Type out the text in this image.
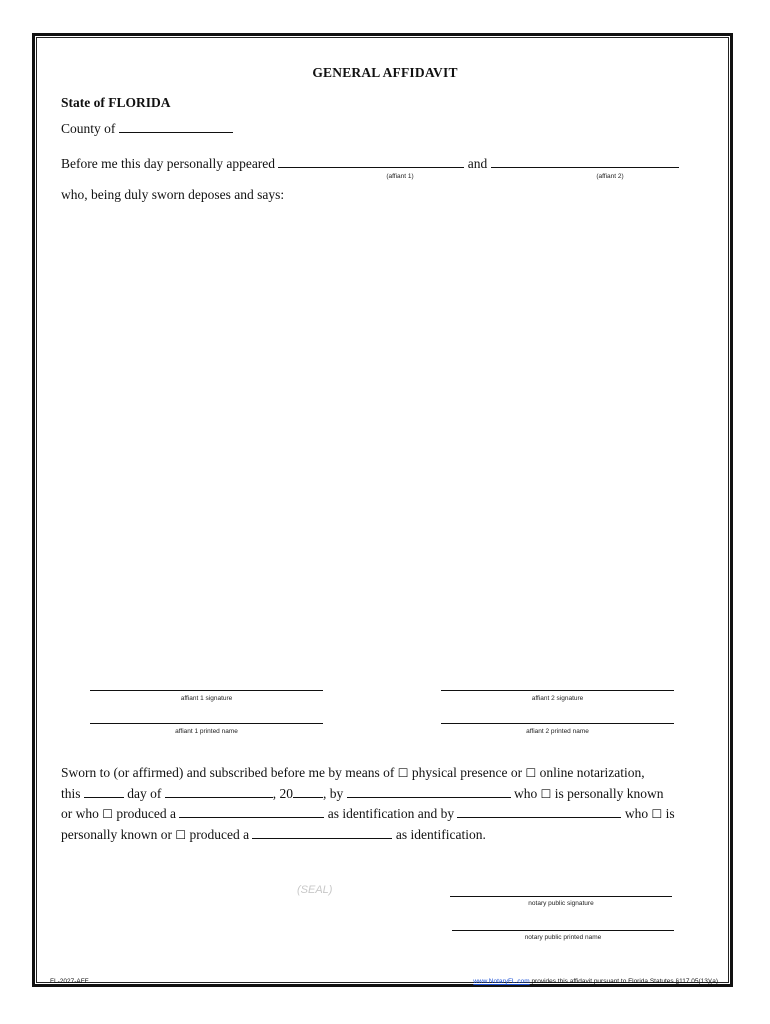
GENERAL AFFIDAVIT
State of FLORIDA
County of
Before me this day personally appeared	and
(affiant 1)	(affiant 2)
who, being duly sworn deposes and says:
affiant 1 signature	affiant 2 signature
affiant 1 printed name	affiant 2 printed name
Sworn to (or affirmed) and subscribed before me by means of ☐ physical presence or ☐ online notarization,
this	day of	, 20 , by	who ☐ is personally known
or who ☐ produced a	as identification and by	who ☐ is
personally known or ☐ produced a	as identification.
(SEAL)
notary public signature
notary public printed name
FL-2027-AFF	www.NotaryFL.com provides this affidavit pursuant to Florida Statutes §117.05(13)(a)
